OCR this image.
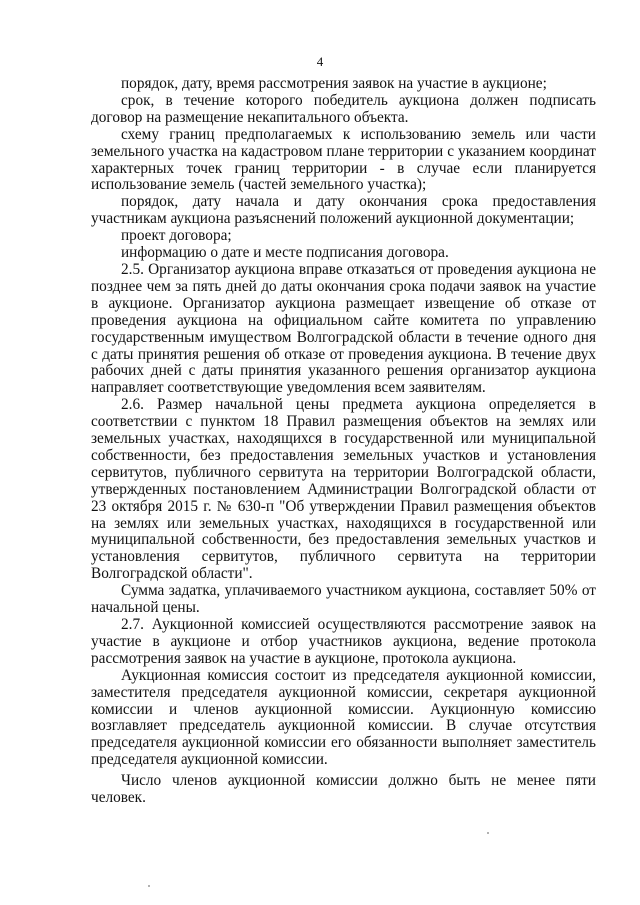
4

порядок, дату, время рассмотрения заявок на участие в аукционе;

срок, в течение которого победитель аукциона должен подписать договор на размещение некапитального объекта.

схему границ предполагаемых к использованию земель или части земельного участка на кадастровом плане территории с указанием координат характерных точек границ территории - в случае если планируется использование земель (частей земельного участка);

порядок, дату начала и дату окончания срока предоставления участникам аукциона разъяснений положений аукционной документации;

проект договора;

информацию о дате и месте подписания договора.

2.5. Организатор аукциона вправе отказаться от проведения аукциона не позднее чем за пять дней до даты окончания срока подачи заявок на участие в аукционе. Организатор аукциона размещает извещение об отказе от проведения аукциона на официальном сайте комитета по управлению государственным имуществом Волгоградской области в течение одного дня с даты принятия решения об отказе от проведения аукциона. В течение двух рабочих дней с даты принятия указанного решения организатор аукциона направляет соответствующие уведомления всем заявителям.

2.6. Размер начальной цены предмета аукциона определяется в соответствии с пунктом 18 Правил размещения объектов на землях или земельных участках, находящихся в государственной или муниципальной собственности, без предоставления земельных участков и установления сервитутов, публичного сервитута на территории Волгоградской области, утвержденных постановлением Администрации Волгоградской области от 23 октября 2015 г. № 630-п "Об утверждении Правил размещения объектов на землях или земельных участках, находящихся в государственной или муниципальной собственности, без предоставления земельных участков и установления сервитутов, публичного сервитута на территории Волгоградской области".

Сумма задатка, уплачиваемого участником аукциона, составляет 50% от начальной цены.

2.7. Аукционной комиссией осуществляются рассмотрение заявок на участие в аукционе и отбор участников аукциона, ведение протокола рассмотрения заявок на участие в аукционе, протокола аукциона.

Аукционная комиссия состоит из председателя аукционной комиссии, заместителя председателя аукционной комиссии, секретаря аукционной комиссии и членов аукционной комиссии. Аукционную комиссию возглавляет председатель аукционной комиссии. В случае отсутствия председателя аукционной комиссии его обязанности выполняет заместитель председателя аукционной комиссии.

Число членов аукционной комиссии должно быть не менее пяти человек.
